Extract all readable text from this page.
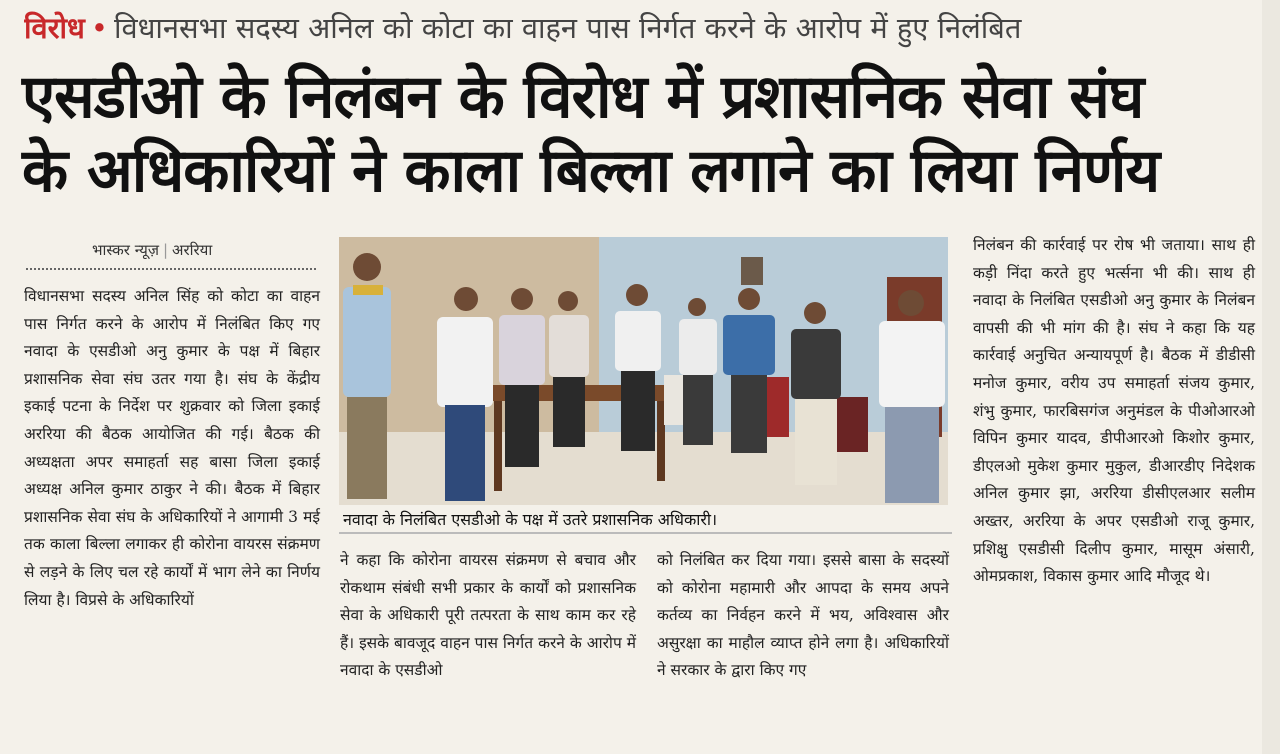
विरोध • विधानसभा सदस्य अनिल को कोटा का वाहन पास निर्गत करने के आरोप में हुए निलंबित
एसडीओ के निलंबन के विरोध में प्रशासनिक सेवा संघ
के अधिकारियों ने काला बिल्ला लगाने का लिया निर्णय
भास्कर न्यूज़ | अररिया
विधानसभा सदस्य अनिल सिंह को कोटा का वाहन पास निर्गत करने के आरोप में निलंबित किए गए नवादा के एसडीओ अनु कुमार के पक्ष में बिहार प्रशासनिक सेवा संघ उतर गया है। संघ के केंद्रीय इकाई पटना के निर्देश पर शुक्रवार को जिला इकाई अररिया की बैठक आयोजित की गई। बैठक की अध्यक्षता अपर समाहर्ता सह बासा जिला इकाई अध्यक्ष अनिल कुमार ठाकुर ने की। बैठक में बिहार प्रशासनिक सेवा संघ के अधिकारियों ने आगामी 3 मई तक काला बिल्ला लगाकर ही कोरोना वायरस संक्रमण से लड़ने के लिए चल रहे कार्यों में भाग लेने का निर्णय लिया है। विप्रसे के अधिकारियों
नवादा के निलंबित एसडीओ के पक्ष में उतरे प्रशासनिक अधिकारी।
ने कहा कि कोरोना वायरस संक्रमण से बचाव और रोकथाम संबंधी सभी प्रकार के कार्यों को प्रशासनिक सेवा के अधिकारी पूरी तत्परता के साथ काम कर रहे हैं। इसके बावजूद वाहन पास निर्गत करने के आरोप में नवादा के एसडीओ
को निलंबित कर दिया गया। इससे बासा के सदस्यों को कोरोना महामारी और आपदा के समय अपने कर्तव्य का निर्वहन करने में भय, अविश्वास और असुरक्षा का माहौल व्याप्त होने लगा है। अधिकारियों ने सरकार के द्वारा किए गए
निलंबन की कार्रवाई पर रोष भी जताया। साथ ही कड़ी निंदा करते हुए भर्त्सना भी की। साथ ही नवादा के निलंबित एसडीओ अनु कुमार के निलंबन वापसी की भी मांग की है। संघ ने कहा कि यह कार्रवाई अनुचित अन्यायपूर्ण है। बैठक में डीडीसी मनोज कुमार, वरीय उप समाहर्ता संजय कुमार, शंभु कुमार, फारबिसगंज अनुमंडल के पीओआरओ विपिन कुमार यादव, डीपीआरओ किशोर कुमार, डीएलओ मुकेश कुमार मुकुल, डीआरडीए निदेशक अनिल कुमार झा, अररिया डीसीएलआर सलीम अख्तर, अररिया के अपर एसडीओ राजू कुमार, प्रशिक्षु एसडीसी दिलीप कुमार, मासूम अंसारी, ओमप्रकाश, विकास कुमार आदि मौजूद थे।
